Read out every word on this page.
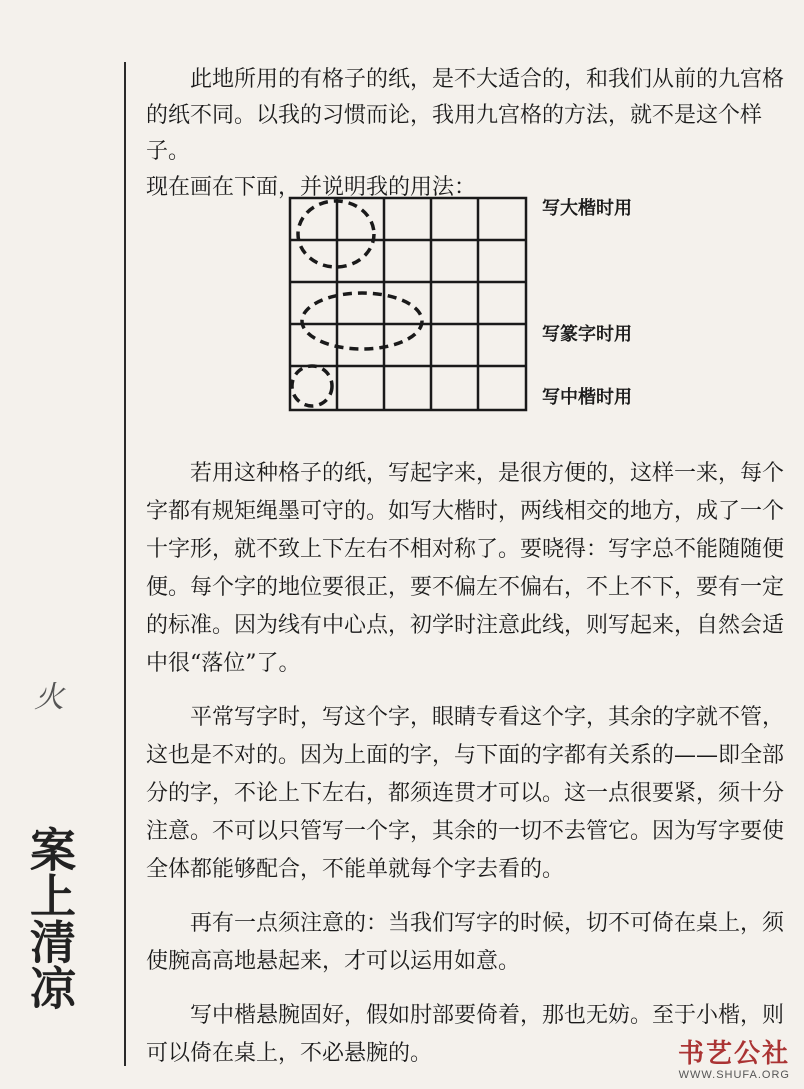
此地所用的有格子的纸，是不大适合的，和我们从前的九宫格
的纸不同。以我的习惯而论，我用九宫格的方法，就不是这个样子。
现在画在下面，并说明我的用法：
写大楷时用
写篆字时用
写中楷时用

若用这种格子的纸，写起字来，是很方便的，这样一来，每个字都有规矩绳墨可守的。如写大楷时，两线相交的地方，成了一个十字形，就不致上下左右不相对称了。要晓得：写字总不能随随便便。每个字的地位要很正，要不偏左不偏右，不上不下，要有一定的标准。因为线有中心点，初学时注意此线，则写起来，自然会适中很“落位”了。

平常写字时，写这个字，眼睛专看这个字，其余的字就不管，这也是不对的。因为上面的字，与下面的字都有关系的——即全部分的字，不论上下左右，都须连贯才可以。这一点很要紧，须十分注意。不可以只管写一个字，其余的一切不去管它。因为写字要使全体都能够配合，不能单就每个字去看的。

再有一点须注意的：当我们写字的时候，切不可倚在桌上，须使腕高高地悬起来，才可以运用如意。

写中楷悬腕固好，假如肘部要倚着，那也无妨。至于小楷，则可以倚在桌上，不必悬腕的。

火
案上清凉
书艺公社
WWW.SHUFA.ORG
